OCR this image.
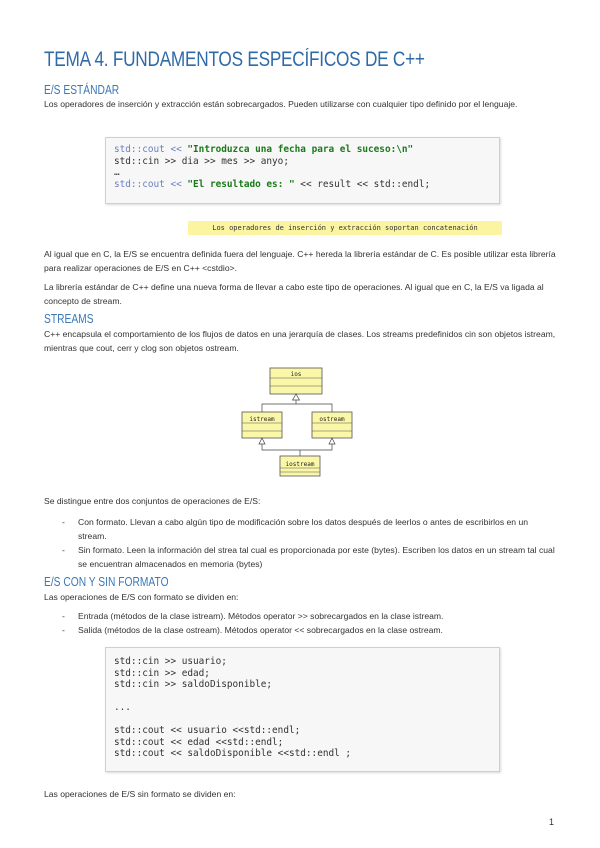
TEMA 4. FUNDAMENTOS ESPECÍFICOS DE C++
E/S ESTÁNDAR
Los operadores de inserción y extracción están sobrecargados. Pueden utilizarse con cualquier tipo definido por el lenguaje.
std::cout << "Introduzca una fecha para el suceso:\n"
std::cin >> dia >> mes >> anyo;
…
std::cout << "El resultado es: " << result << std::endl;
Los operadores de inserción y extracción soportan concatenación
Al igual que en C, la E/S se encuentra definida fuera del lenguaje. C++ hereda la librería estándar de C. Es posible utilizar esta librería para realizar operaciones de E/S en C++ <cstdio>.
La librería estándar de C++ define una nueva forma de llevar a cabo este tipo de operaciones. Al igual que en C, la E/S va ligada al concepto de stream.
STREAMS
C++ encapsula el comportamiento de los flujos de datos en una jerarquía de clases. Los streams predefinidos cin son objetos istream, mientras que cout, cerr y clog son objetos ostream.
ios
istream	ostream
iostream
Se distingue entre dos conjuntos de operaciones de E/S:
- Con formato. Llevan a cabo algún tipo de modificación sobre los datos después de leerlos o antes de escribirlos en un stream.
- Sin formato. Leen la información del strea tal cual es proporcionada por este (bytes). Escriben los datos en un stream tal cual se encuentran almacenados en memoria (bytes)
E/S CON Y SIN FORMATO
Las operaciones de E/S con formato se dividen en:
- Entrada (métodos de la clase istream). Métodos operator >> sobrecargados en la clase istream.
- Salida (métodos de la clase ostream). Métodos operator << sobrecargados en la clase ostream.
std::cin >> usuario;
std::cin >> edad;
std::cin >> saldoDisponible;
...
std::cout << usuario <<std::endl;
std::cout << edad <<std::endl;
std::cout << saldoDisponible <<std::endl ;
Las operaciones de E/S sin formato se dividen en:
1
